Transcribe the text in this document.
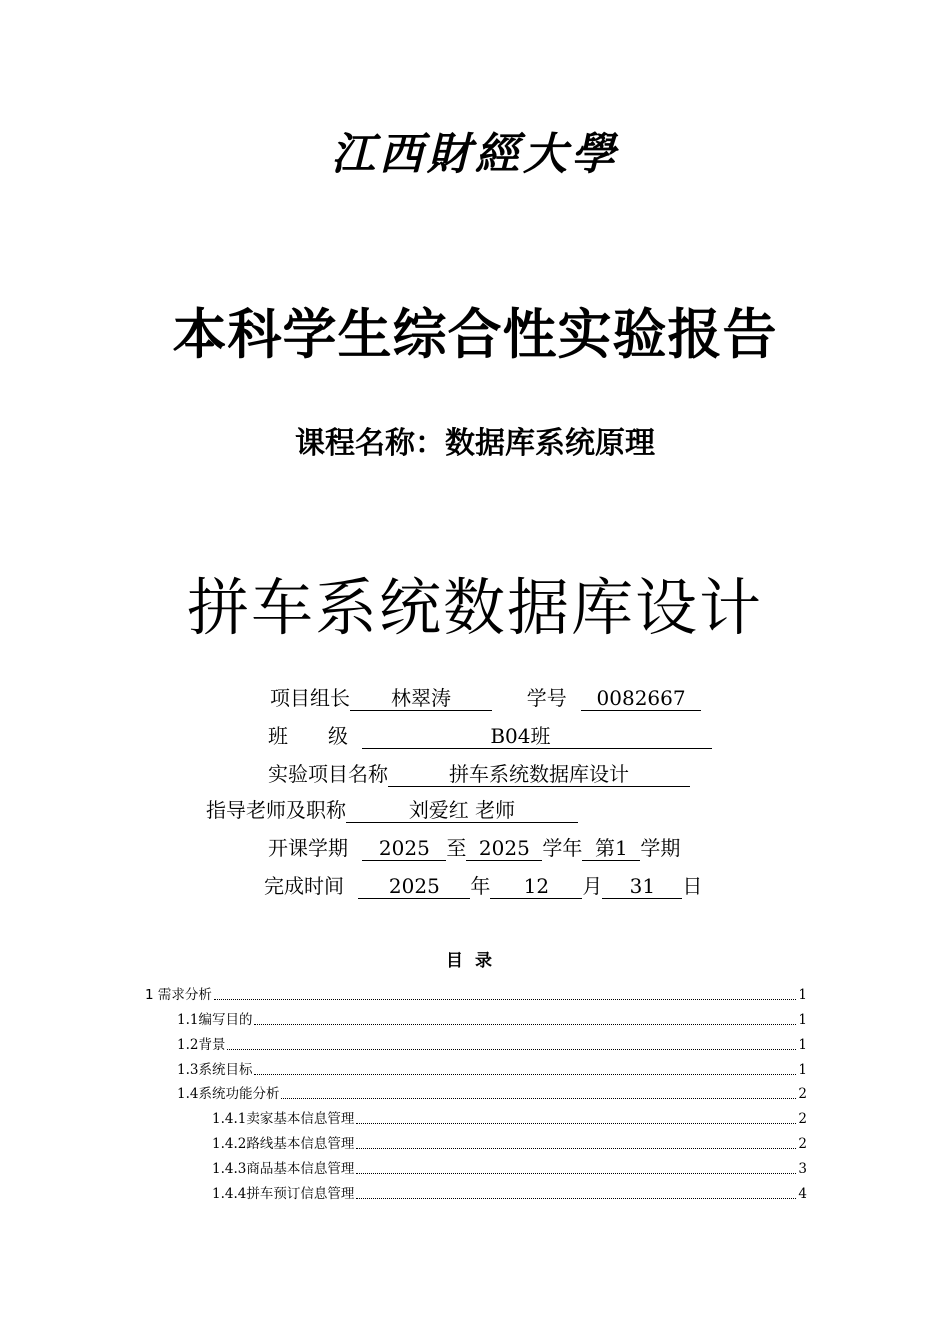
江西財經大學
本科学生综合性实验报告
课程名称：数据库系统原理
拼车系统数据库设计
项目组长 林翠涛	学号 0082667
班　　级	B04班
实验项目名称	拼车系统数据库设计
指导老师及职称	刘爱红 老师
开课学期 2025 至 2025 学年 第1 学期
完成时间 2025 年 12 月 31 日
目录
1 需求分析	1
1.1编写目的	1
1.2背景	1
1.3系统目标	1
1.4系统功能分析	2
1.4.1卖家基本信息管理	2
1.4.2路线基本信息管理	2
1.4.3商品基本信息管理	3
1.4.4拼车预订信息管理	4
